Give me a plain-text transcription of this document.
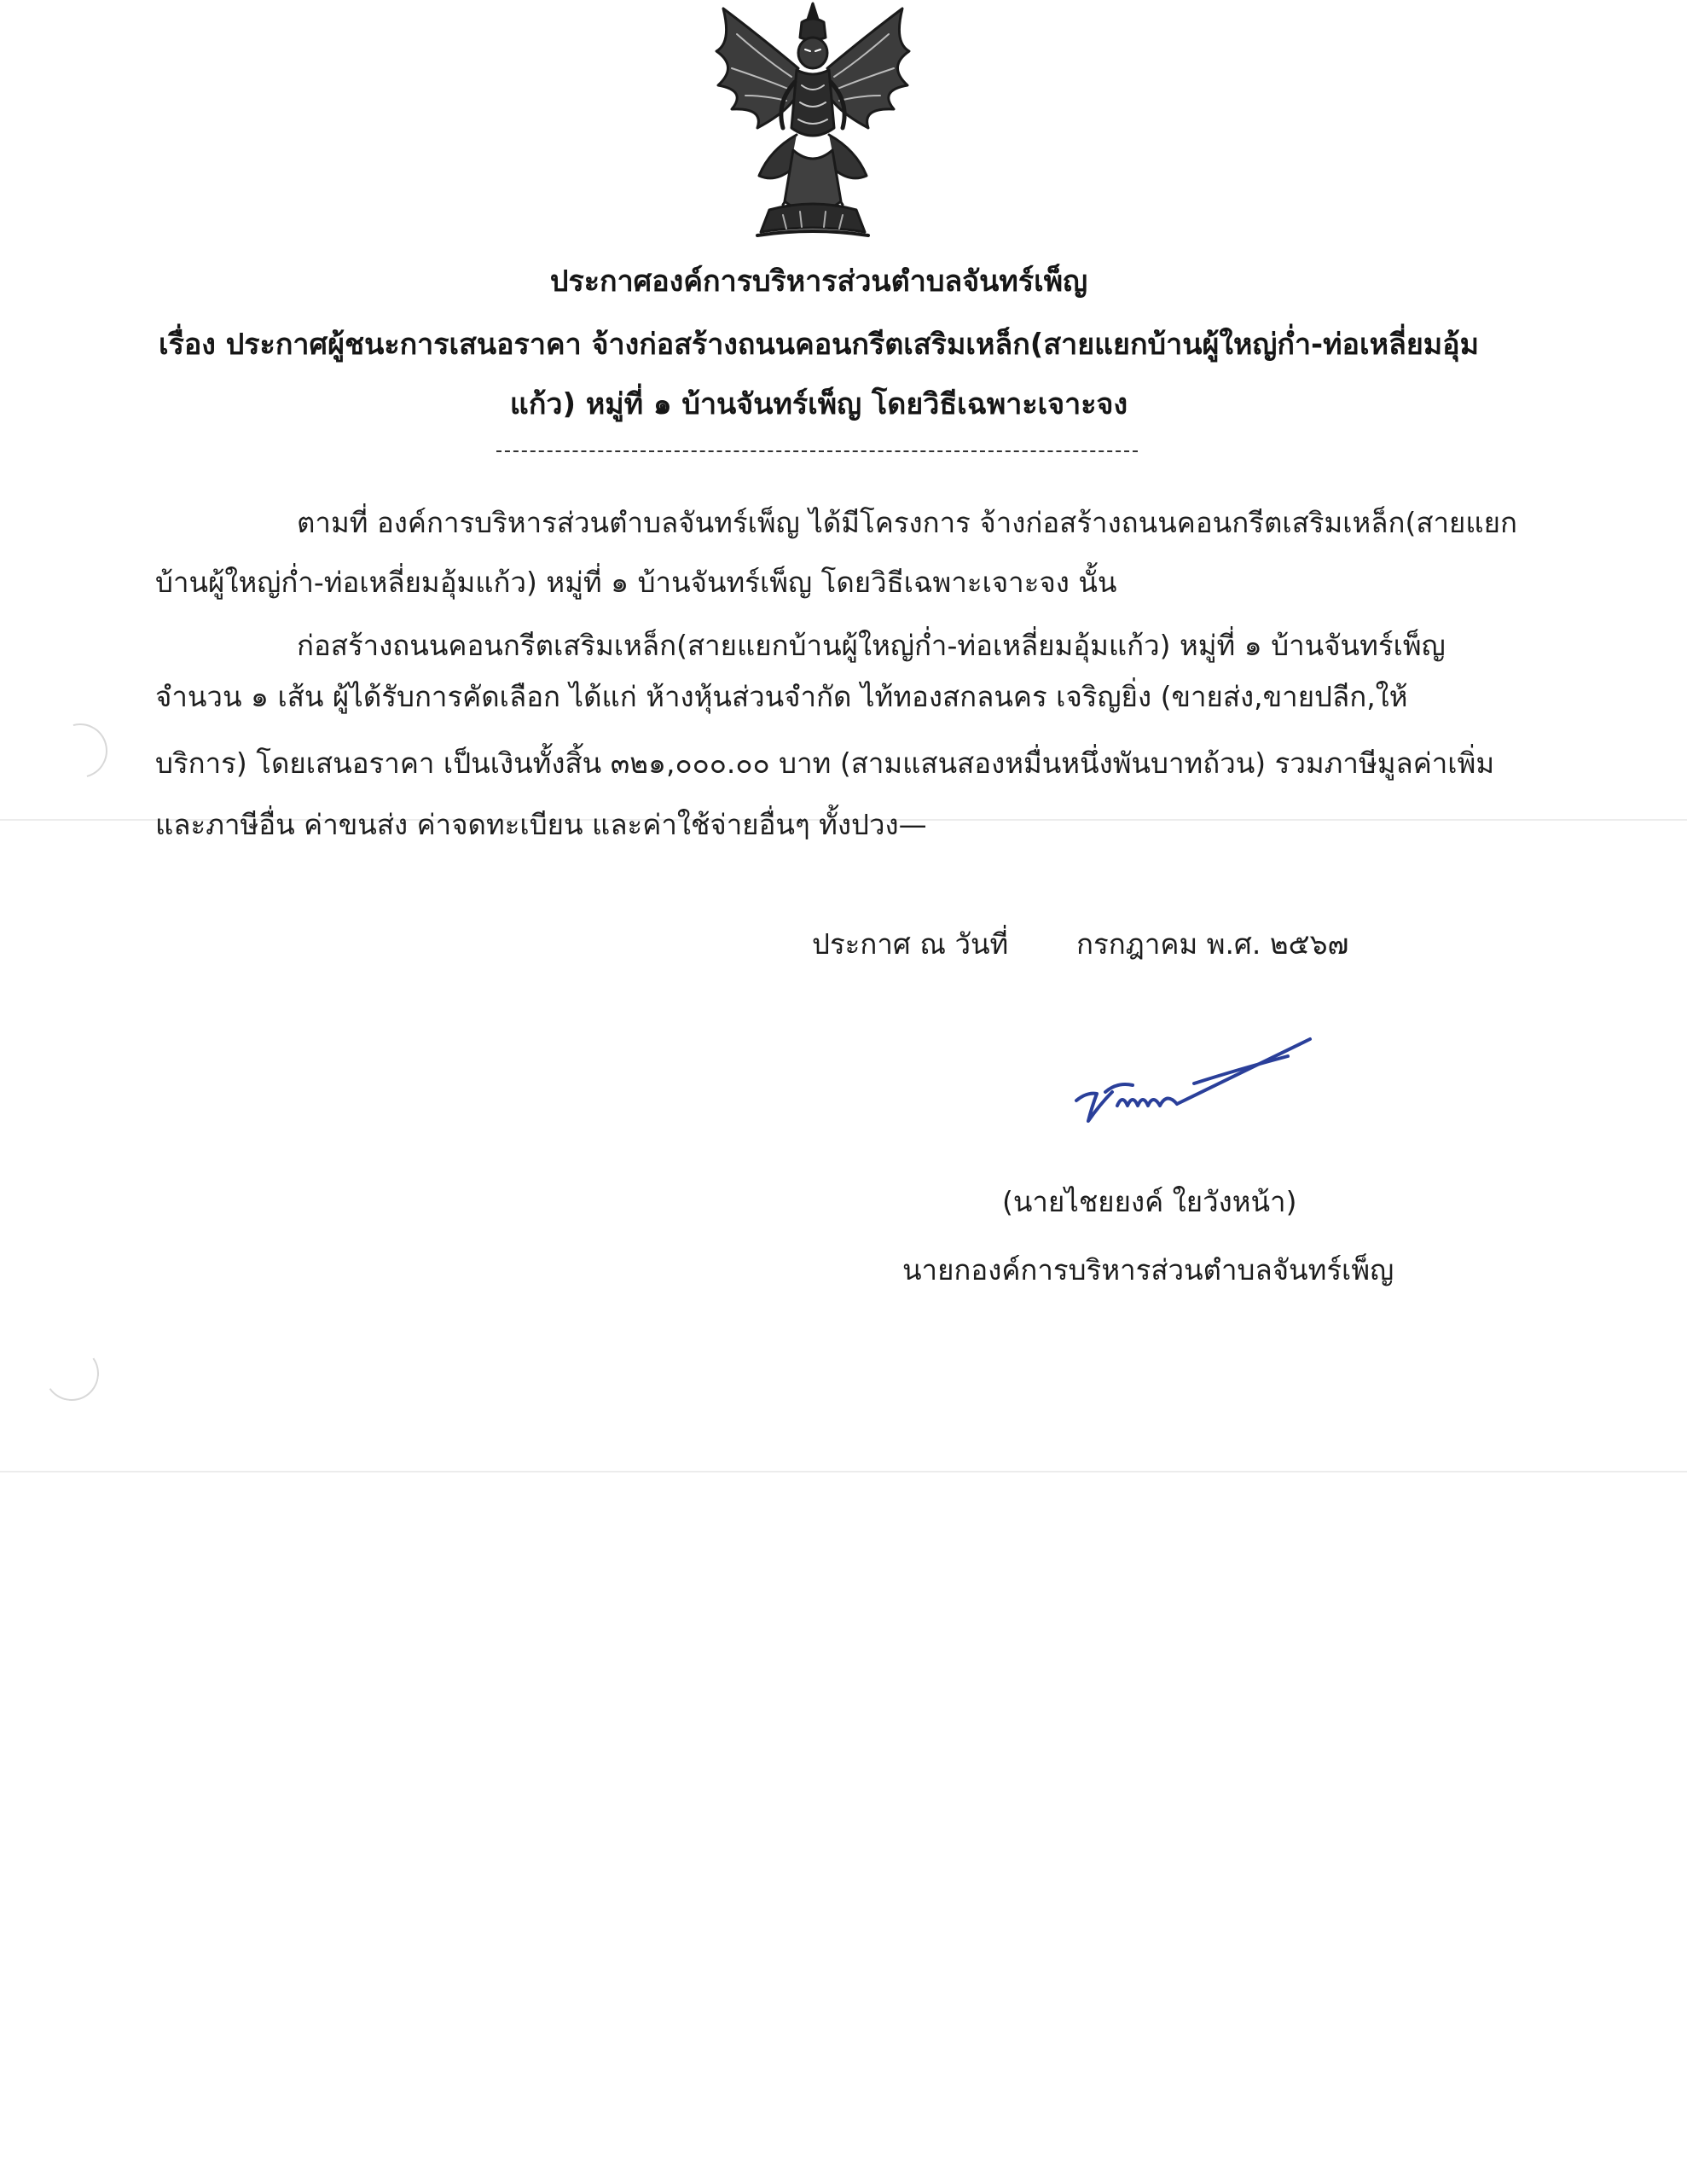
ประกาศองค์การบริหารส่วนตำบลจันทร์เพ็ญ
เรื่อง ประกาศผู้ชนะการเสนอราคา จ้างก่อสร้างถนนคอนกรีตเสริมเหล็ก(สายแยกบ้านผู้ใหญ่ก่ำ-ท่อเหลี่ยมอุ้ม
แก้ว) หมู่ที่ ๑ บ้านจันทร์เพ็ญ โดยวิธีเฉพาะเจาะจง
ตามที่ องค์การบริหารส่วนตำบลจันทร์เพ็ญ ได้มีโครงการ จ้างก่อสร้างถนนคอนกรีตเสริมเหล็ก(สายแยก
บ้านผู้ใหญ่ก่ำ-ท่อเหลี่ยมอุ้มแก้ว) หมู่ที่ ๑ บ้านจันทร์เพ็ญ โดยวิธีเฉพาะเจาะจง นั้น
ก่อสร้างถนนคอนกรีตเสริมเหล็ก(สายแยกบ้านผู้ใหญ่ก่ำ-ท่อเหลี่ยมอุ้มแก้ว) หมู่ที่ ๑ บ้านจันทร์เพ็ญ
จำนวน ๑ เส้น ผู้ได้รับการคัดเลือก ได้แก่ ห้างหุ้นส่วนจำกัด ไท้ทองสกลนคร เจริญยิ่ง (ขายส่ง,ขายปลีก,ให้
บริการ) โดยเสนอราคา เป็นเงินทั้งสิ้น ๓๒๑,๐๐๐.๐๐ บาท (สามแสนสองหมื่นหนึ่งพันบาทถ้วน) รวมภาษีมูลค่าเพิ่ม
และภาษีอื่น ค่าขนส่ง ค่าจดทะเบียน และค่าใช้จ่ายอื่นๆ ทั้งปวง—
ประกาศ ณ วันที่ กรกฎาคม พ.ศ. ๒๕๖๗
(นายไชยยงค์ ใยวังหน้า)
นายกองค์การบริหารส่วนตำบลจันทร์เพ็ญ
